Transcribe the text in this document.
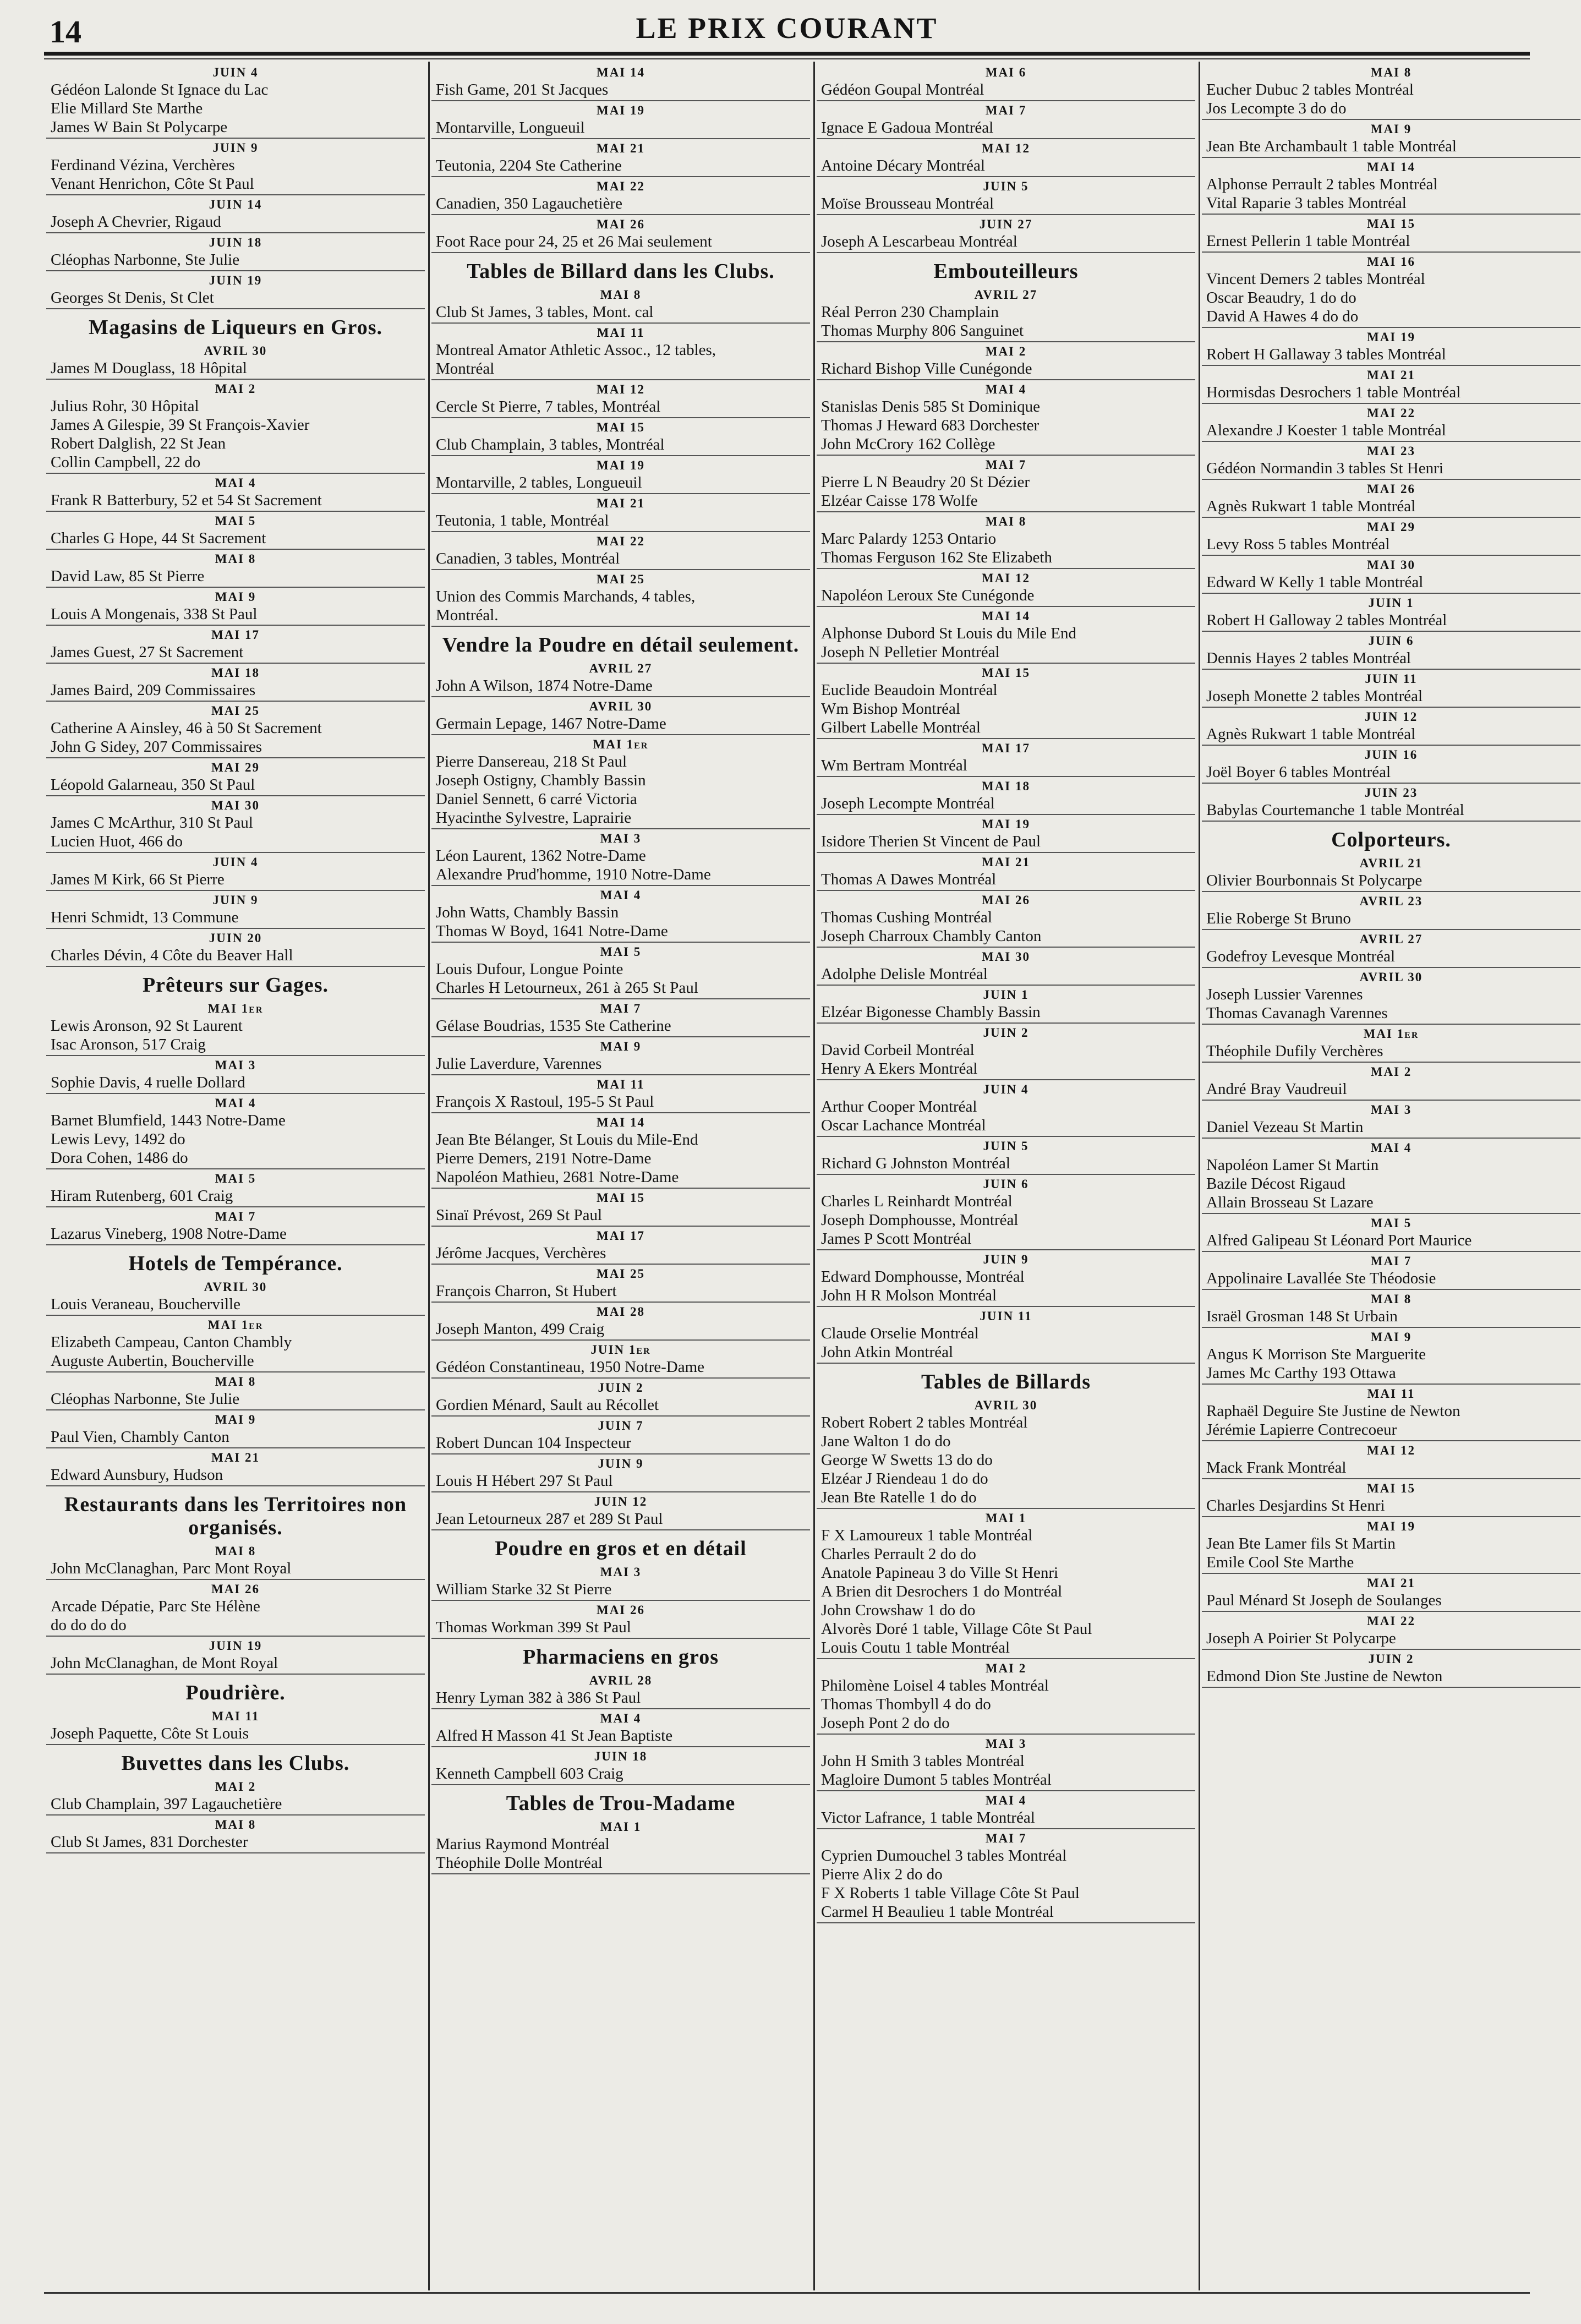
14	LE PRIX COURANT
JUIN 4
Gédéon Lalonde St Ignace du Lac
Elie Millard Ste Marthe
James W Bain St Polycarpe
JUIN 9
Ferdinand Vézina, Verchères
Venant Henrichon, Côte St Paul
JUIN 14
Joseph A Chevrier, Rigaud
JUIN 18
Cléophas Narbonne, Ste Julie
JUIN 19
Georges St Denis, St Clet
Magasins de Liqueurs en Gros.
AVRIL 30
James M Douglass, 18 Hôpital
MAI 2
Julius Rohr, 30 Hôpital
James A Gilespie, 39 St François-Xavier
Robert Dalglish, 22 St Jean
Collin Campbell, 22 do
MAI 4
Frank R Batterbury, 52 et 54 St Sacrement
MAI 5
Charles G Hope, 44 St Sacrement
MAI 8
David Law, 85 St Pierre
MAI 9
Louis A Mongenais, 338 St Paul
MAI 17
James Guest, 27 St Sacrement
MAI 18
James Baird, 209 Commissaires
MAI 25
Catherine A Ainsley, 46 à 50 St Sacrement
John G Sidey, 207 Commissaires
MAI 29
Léopold Galarneau, 350 St Paul
MAI 30
James C McArthur, 310 St Paul
Lucien Huot, 466 do
JUIN 4
James M Kirk, 66 St Pierre
JUIN 9
Henri Schmidt, 13 Commune
JUIN 20
Charles Dévin, 4 Côte du Beaver Hall
Prêteurs sur Gages.
MAI 1er
Lewis Aronson, 92 St Laurent
Isac Aronson, 517 Craig
MAI 3
Sophie Davis, 4 ruelle Dollard
MAI 4
Barnet Blumfield, 1443 Notre-Dame
Lewis Levy, 1492 do
Dora Cohen, 1486 do
MAI 5
Hiram Rutenberg, 601 Craig
MAI 7
Lazarus Vineberg, 1908 Notre-Dame
Hotels de Tempérance.
AVRIL 30
Louis Veraneau, Boucherville
MAI 1er
Elizabeth Campeau, Canton Chambly
Auguste Aubertin, Boucherville
MAI 8
Cléophas Narbonne, Ste Julie
MAI 9
Paul Vien, Chambly Canton
MAI 21
Edward Aunsbury, Hudson
Restaurants dans les Territoires non organisés.
MAI 8
John McClanaghan, Parc Mont Royal
MAI 26
Arcade Dépatie, Parc Ste Hélène
do do do do
JUIN 19
John McClanaghan, de Mont Royal
Poudrière.
MAI 11
Joseph Paquette, Côte St Louis
Buvettes dans les Clubs.
MAI 2
Club Champlain, 397 Lagauchetière
MAI 8
Club St James, 831 Dorchester
MAI 14
Fish Game, 201 St Jacques
MAI 19
Montarville, Longueuil
MAI 21
Teutonia, 2204 Ste Catherine
MAI 22
Canadien, 350 Lagauchetière
MAI 26
Foot Race pour 24, 25 et 26 Mai seulement
Tables de Billard dans les Clubs.
MAI 8
Club St James, 3 tables, Mont. cal
MAI 11
Montreal Amator Athletic Assoc., 12 tables,
Montréal
MAI 12
Cercle St Pierre, 7 tables, Montréal
MAI 15
Club Champlain, 3 tables, Montréal
MAI 19
Montarville, 2 tables, Longueuil
MAI 21
Teutonia, 1 table, Montréal
MAI 22
Canadien, 3 tables, Montréal
MAI 25
Union des Commis Marchands, 4 tables,
Montréal.
Vendre la Poudre en détail seulement.
AVRIL 27
John A Wilson, 1874 Notre-Dame
AVRIL 30
Germain Lepage, 1467 Notre-Dame
MAI 1er
Pierre Dansereau, 218 St Paul
Joseph Ostigny, Chambly Bassin
Daniel Sennett, 6 carré Victoria
Hyacinthe Sylvestre, Laprairie
MAI 3
Léon Laurent, 1362 Notre-Dame
Alexandre Prud'homme, 1910 Notre-Dame
MAI 4
John Watts, Chambly Bassin
Thomas W Boyd, 1641 Notre-Dame
MAI 5
Louis Dufour, Longue Pointe
Charles H Letourneux, 261 à 265 St Paul
MAI 7
Gélase Boudrias, 1535 Ste Catherine
MAI 9
Julie Laverdure, Varennes
MAI 11
François X Rastoul, 195-5 St Paul
MAI 14
Jean Bte Bélanger, St Louis du Mile-End
Pierre Demers, 2191 Notre-Dame
Napoléon Mathieu, 2681 Notre-Dame
MAI 15
Sinaï Prévost, 269 St Paul
MAI 17
Jérôme Jacques, Verchères
MAI 25
François Charron, St Hubert
MAI 28
Joseph Manton, 499 Craig
JUIN 1er
Gédéon Constantineau, 1950 Notre-Dame
JUIN 2
Gordien Ménard, Sault au Récollet
JUIN 7
Robert Duncan 104 Inspecteur
JUIN 9
Louis H Hébert 297 St Paul
JUIN 12
Jean Letourneux 287 et 289 St Paul
Poudre en gros et en détail
MAI 3
William Starke 32 St Pierre
MAI 26
Thomas Workman 399 St Paul
Pharmaciens en gros
AVRIL 28
Henry Lyman 382 à 386 St Paul
MAI 4
Alfred H Masson 41 St Jean Baptiste
JUIN 18
Kenneth Campbell 603 Craig
Tables de Trou-Madame
MAI 1
Marius Raymond Montréal
Théophile Dolle Montréal
MAI 6
Gédéon Goupal Montréal
MAI 7
Ignace E Gadoua Montréal
MAI 12
Antoine Décary Montréal
JUIN 5
Moïse Brousseau Montréal
JUIN 27
Joseph A Lescarbeau Montréal
Embouteilleurs
AVRIL 27
Réal Perron 230 Champlain
Thomas Murphy 806 Sanguinet
MAI 2
Richard Bishop Ville Cunégonde
MAI 4
Stanislas Denis 585 St Dominique
Thomas J Heward 683 Dorchester
John McCrory 162 Collège
MAI 7
Pierre L N Beaudry 20 St Dézier
Elzéar Caisse 178 Wolfe
MAI 8
Marc Palardy 1253 Ontario
Thomas Ferguson 162 Ste Elizabeth
MAI 12
Napoléon Leroux Ste Cunégonde
MAI 14
Alphonse Dubord St Louis du Mile End
Joseph N Pelletier Montréal
MAI 15
Euclide Beaudoin Montréal
Wm Bishop Montréal
Gilbert Labelle Montréal
MAI 17
Wm Bertram Montréal
MAI 18
Joseph Lecompte Montréal
MAI 19
Isidore Therien St Vincent de Paul
MAI 21
Thomas A Dawes Montréal
MAI 26
Thomas Cushing Montréal
Joseph Charroux Chambly Canton
MAI 30
Adolphe Delisle Montréal
JUIN 1
Elzéar Bigonesse Chambly Bassin
JUIN 2
David Corbeil Montréal
Henry A Ekers Montréal
JUIN 4
Arthur Cooper Montréal
Oscar Lachance Montréal
JUIN 5
Richard G Johnston Montréal
JUIN 6
Charles L Reinhardt Montréal
Joseph Domphousse, Montréal
James P Scott Montréal
JUIN 9
Edward Domphousse, Montréal
John H R Molson Montréal
JUIN 11
Claude Orselie Montréal
John Atkin Montréal
Tables de Billards
AVRIL 30
Robert Robert 2 tables Montréal
Jane Walton 1 do do
George W Swetts 13 do do
Elzéar J Riendeau 1 do do
Jean Bte Ratelle 1 do do
MAI 1
F X Lamoureux 1 table Montréal
Charles Perrault 2 do do
Anatole Papineau 3 do Ville St Henri
A Brien dit Desrochers 1 do Montréal
John Crowshaw 1 do do
Alvorès Doré 1 table, Village Côte St Paul
Louis Coutu 1 table Montréal
MAI 2
Philomène Loisel 4 tables Montréal
Thomas Thombyll 4 do do
Joseph Pont 2 do do
MAI 3
John H Smith 3 tables Montréal
Magloire Dumont 5 tables Montréal
MAI 4
Victor Lafrance, 1 table Montréal
MAI 7
Cyprien Dumouchel 3 tables Montréal
Pierre Alix 2 do do
F X Roberts 1 table Village Côte St Paul
Carmel H Beaulieu 1 table Montréal
MAI 8
Eucher Dubuc 2 tables Montréal
Jos Lecompte 3 do do
MAI 9
Jean Bte Archambault 1 table Montréal
MAI 14
Alphonse Perrault 2 tables Montréal
Vital Raparie 3 tables Montréal
MAI 15
Ernest Pellerin 1 table Montréal
MAI 16
Vincent Demers 2 tables Montréal
Oscar Beaudry, 1 do do
David A Hawes 4 do do
MAI 19
Robert H Gallaway 3 tables Montréal
MAI 21
Hormisdas Desrochers 1 table Montréal
MAI 22
Alexandre J Koester 1 table Montréal
MAI 23
Gédéon Normandin 3 tables St Henri
MAI 26
Agnès Rukwart 1 table Montréal
MAI 29
Levy Ross 5 tables Montréal
MAI 30
Edward W Kelly 1 table Montréal
JUIN 1
Robert H Galloway 2 tables Montréal
JUIN 6
Dennis Hayes 2 tables Montréal
JUIN 11
Joseph Monette 2 tables Montréal
JUIN 12
Agnès Rukwart 1 table Montréal
JUIN 16
Joël Boyer 6 tables Montréal
JUIN 23
Babylas Courtemanche 1 table Montréal
Colporteurs.
AVRIL 21
Olivier Bourbonnais St Polycarpe
AVRIL 23
Elie Roberge St Bruno
AVRIL 27
Godefroy Levesque Montréal
AVRIL 30
Joseph Lussier Varennes
Thomas Cavanagh Varennes
MAI 1er
Théophile Dufily Verchères
MAI 2
André Bray Vaudreuil
MAI 3
Daniel Vezeau St Martin
MAI 4
Napoléon Lamer St Martin
Bazile Décost Rigaud
Allain Brosseau St Lazare
MAI 5
Alfred Galipeau St Léonard Port Maurice
MAI 7
Appolinaire Lavallée Ste Théodosie
MAI 8
Israël Grosman 148 St Urbain
MAI 9
Angus K Morrison Ste Marguerite
James Mc Carthy 193 Ottawa
MAI 11
Raphaël Deguire Ste Justine de Newton
Jérémie Lapierre Contrecoeur
MAI 12
Mack Frank Montréal
MAI 15
Charles Desjardins St Henri
MAI 19
Jean Bte Lamer fils St Martin
Emile Cool Ste Marthe
MAI 21
Paul Ménard St Joseph de Soulanges
MAI 22
Joseph A Poirier St Polycarpe
JUIN 2
Edmond Dion Ste Justine de Newton
